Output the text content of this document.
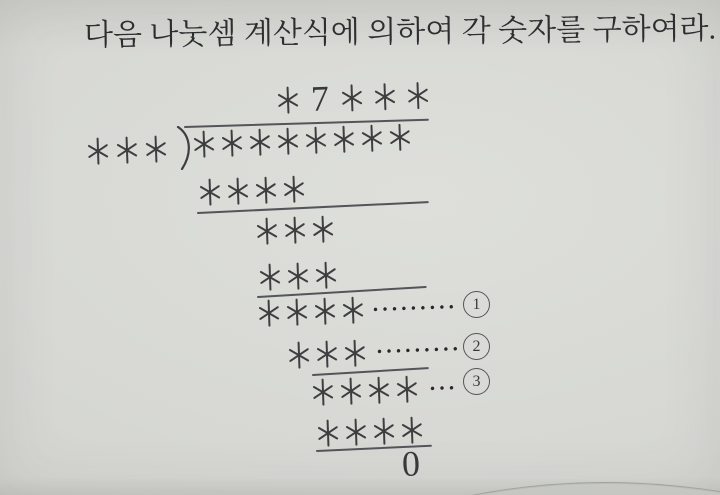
다음 나눗셈 계산식에 의하여 각 숫자를 구하여라.
7
••••••••• 1
••••••••• 2
••• 3
0
